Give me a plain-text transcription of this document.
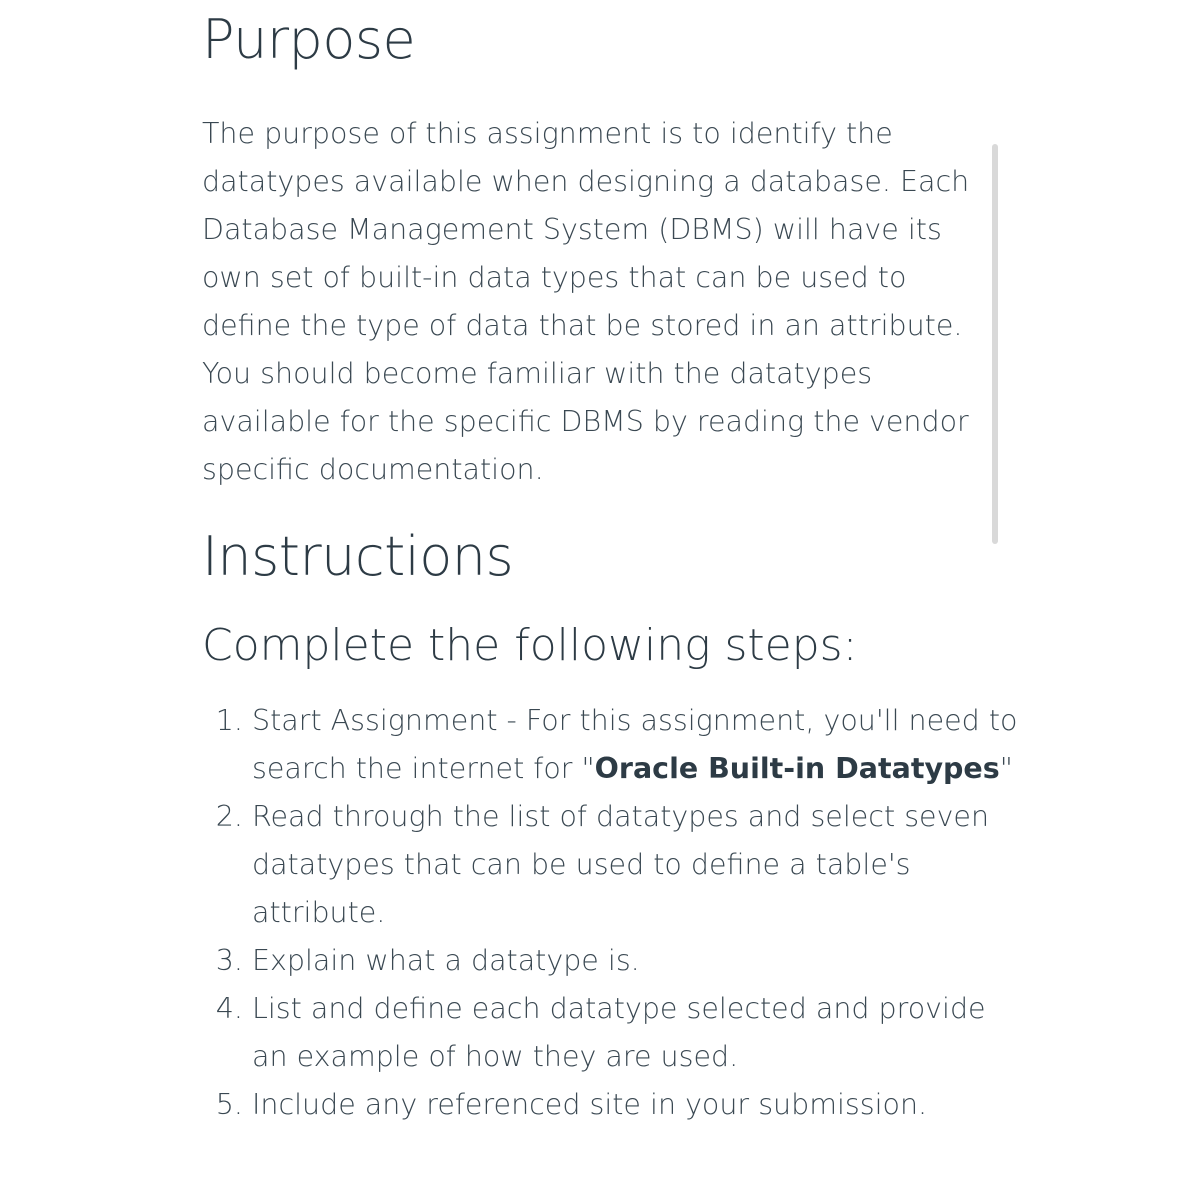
Purpose

The purpose of this assignment is to identify the datatypes available when designing a database. Each Database Management System (DBMS) will have its own set of built-in data types that can be used to define the type of data that be stored in an attribute. You should become familiar with the datatypes available for the specific DBMS by reading the vendor specific documentation.

Instructions
Complete the following steps:
1. Start Assignment - For this assignment, you'll need to search the internet for "Oracle Built-in Datatypes"
2. Read through the list of datatypes and select seven datatypes that can be used to define a table's attribute.
3. Explain what a datatype is.
4. List and define each datatype selected and provide an example of how they are used.
5. Include any referenced site in your submission.
